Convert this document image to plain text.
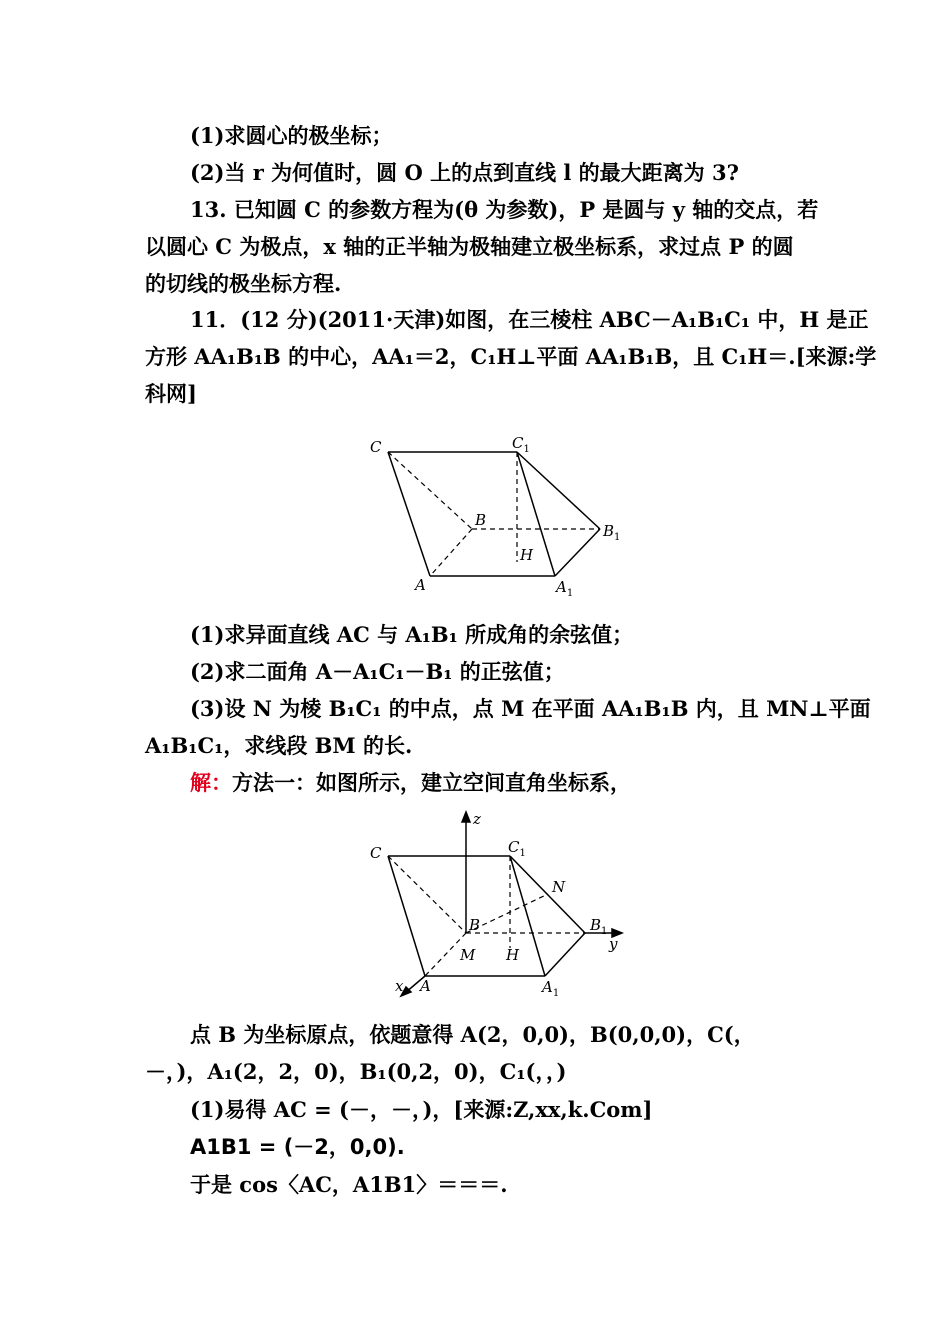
(1)求圆心的极坐标；
(2)当 r 为何值时，圆 O 上的点到直线 l 的最大距离为 3?
13. 已知圆 C 的参数方程为(θ 为参数)，P 是圆与 y 轴的交点，若
以圆心 C 为极点，x 轴的正半轴为极轴建立极坐标系，求过点 P 的圆
的切线的极坐标方程.
11．(12 分)(2011·天津)如图，在三棱柱 ABC－A₁B₁C₁ 中，H 是正
方形 AA₁B₁B 的中心，AA₁＝2，C₁H⊥平面 AA₁B₁B，且 C₁H＝.[来源:学
科网]
C	$C_1$
B
$B_1$
H
A	$A_1$
(1)求异面直线 AC 与 A₁B₁ 所成角的余弦值；
(2)求二面角 A－A₁C₁－B₁ 的正弦值；
(3)设 N 为棱 B₁C₁ 的中点，点 M 在平面 AA₁B₁B 内，且 MN⊥平面
A₁B₁C₁，求线段 BM 的长.
解：方法一：如图所示，建立空间直角坐标系，
z
C	$C_1$
N
B	$B_1$
y
M H
x A	$A_1$
点 B 为坐标原点，依题意得 A(2，0,0)，B(0,0,0)，C(，
－，)，A₁(2，2，0)，B₁(0,2，0)，C₁(，，)
(1)易得 AC = (－，－，)，[来源:Z,xx,k.Com]
A1B1 = (－2，0,0).
于是 cos〈AC，A1B1〉＝＝＝.
